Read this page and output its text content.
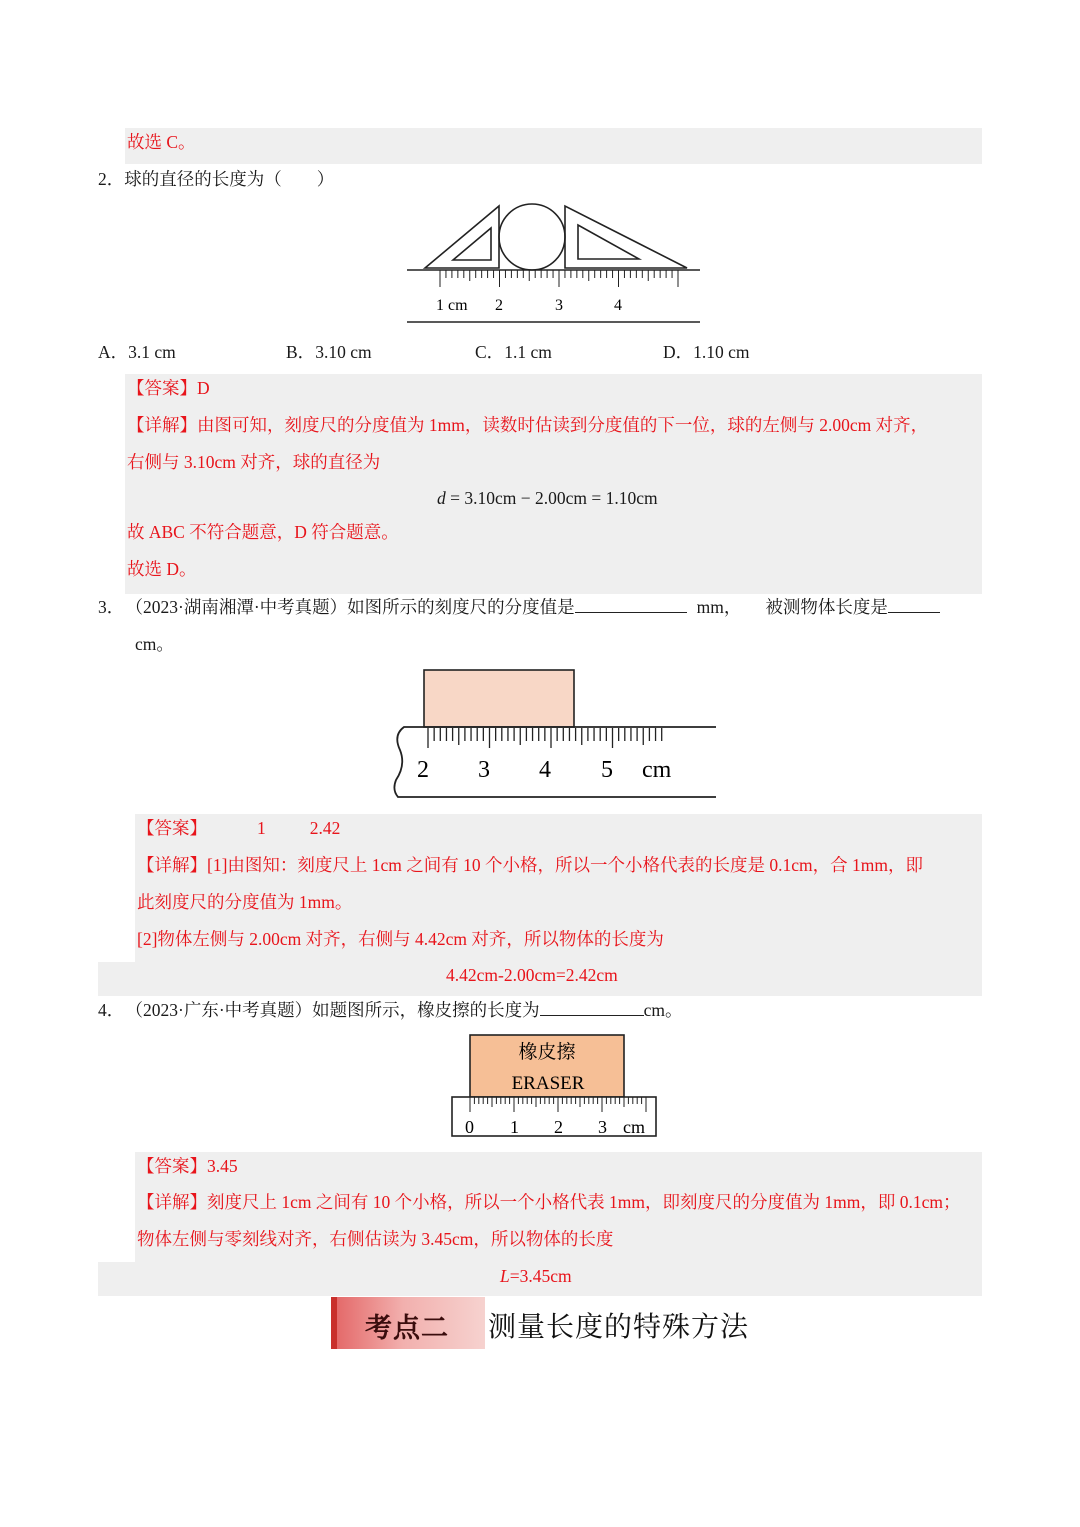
故选 C。
2．球的直径的长度为（　　）
1 cm 2	3	4
A．3.1 cm	B．3.10 cm	C．1.1 cm	D．1.10 cm
【答案】D
【详解】由图可知，刻度尺的分度值为 1mm，读数时估读到分度值的下一位，球的左侧与 2.00cm 对齐，
右侧与 3.10cm 对齐，球的直径为
d = 3.10cm − 2.00cm = 1.10cm
故 ABC 不符合题意，D 符合题意。
故选 D。
3． （2023·湖南湘潭·中考真题）如图所示的刻度尺的分度值是	mm， 被测物体长度是
cm。
2 3 4 5 cm
【答案】	1	2.42
【详解】[1]由图知：刻度尺上 1cm 之间有 10 个小格，所以一个小格代表的长度是 0.1cm，合 1mm，即
此刻度尺的分度值为 1mm。
[2]物体左侧与 2.00cm 对齐，右侧与 4.42cm 对齐，所以物体的长度为
4.42cm-2.00cm=2.42cm
4． （2023·广东·中考真题）如题图所示，橡皮擦的长度为	cm。
橡皮擦
ERASER
0 1 2 3 cm
【答案】3.45
【详解】刻度尺上 1cm 之间有 10 个小格，所以一个小格代表 1mm，即刻度尺的分度值为 1mm，即 0.1cm；
物体左侧与零刻线对齐，右侧估读为 3.45cm，所以物体的长度
L=3.45cm
考点二 测量长度的特殊方法
